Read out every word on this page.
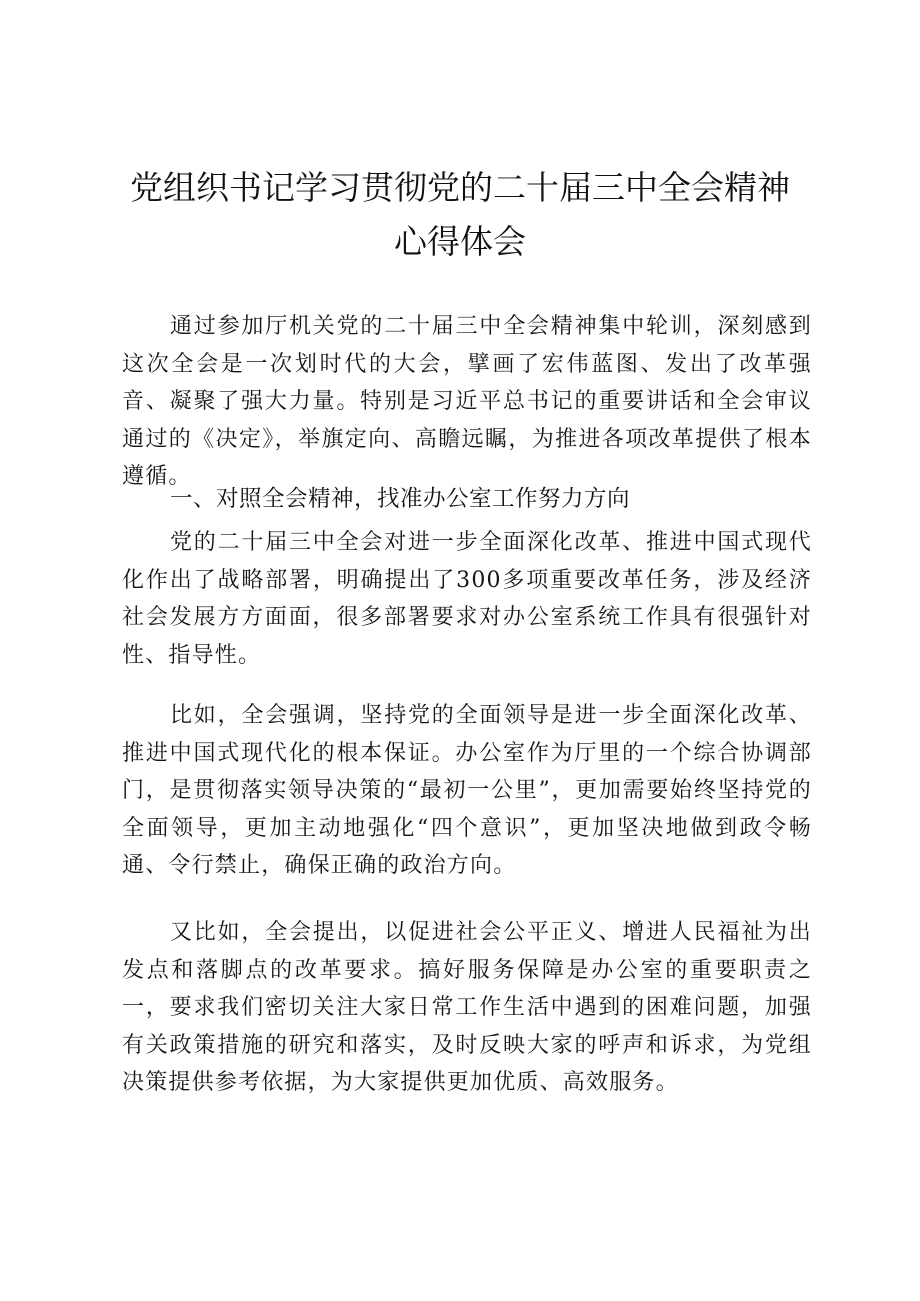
党组织书记学习贯彻党的二十届三中全会精神
心得体会
通过参加厅机关党的二十届三中全会精神集中轮训，深刻感到这次全会是一次划时代的大会，擘画了宏伟蓝图、发出了改革强音、凝聚了强大力量。特别是习近平总书记的重要讲话和全会审议通过的《决定》，举旗定向、高瞻远瞩，为推进各项改革提供了根本遵循。
一、对照全会精神，找准办公室工作努力方向
党的二十届三中全会对进一步全面深化改革、推进中国式现代化作出了战略部署，明确提出了300多项重要改革任务，涉及经济社会发展方方面面，很多部署要求对办公室系统工作具有很强针对性、指导性。
比如，全会强调，坚持党的全面领导是进一步全面深化改革、推进中国式现代化的根本保证。办公室作为厅里的一个综合协调部门，是贯彻落实领导决策的“最初一公里”，更加需要始终坚持党的全面领导，更加主动地强化“四个意识”，更加坚决地做到政令畅通、令行禁止，确保正确的政治方向。
又比如，全会提出，以促进社会公平正义、增进人民福祉为出发点和落脚点的改革要求。搞好服务保障是办公室的重要职责之一，要求我们密切关注大家日常工作生活中遇到的困难问题，加强有关政策措施的研究和落实，及时反映大家的呼声和诉求，为党组决策提供参考依据，为大家提供更加优质、高效服务。
